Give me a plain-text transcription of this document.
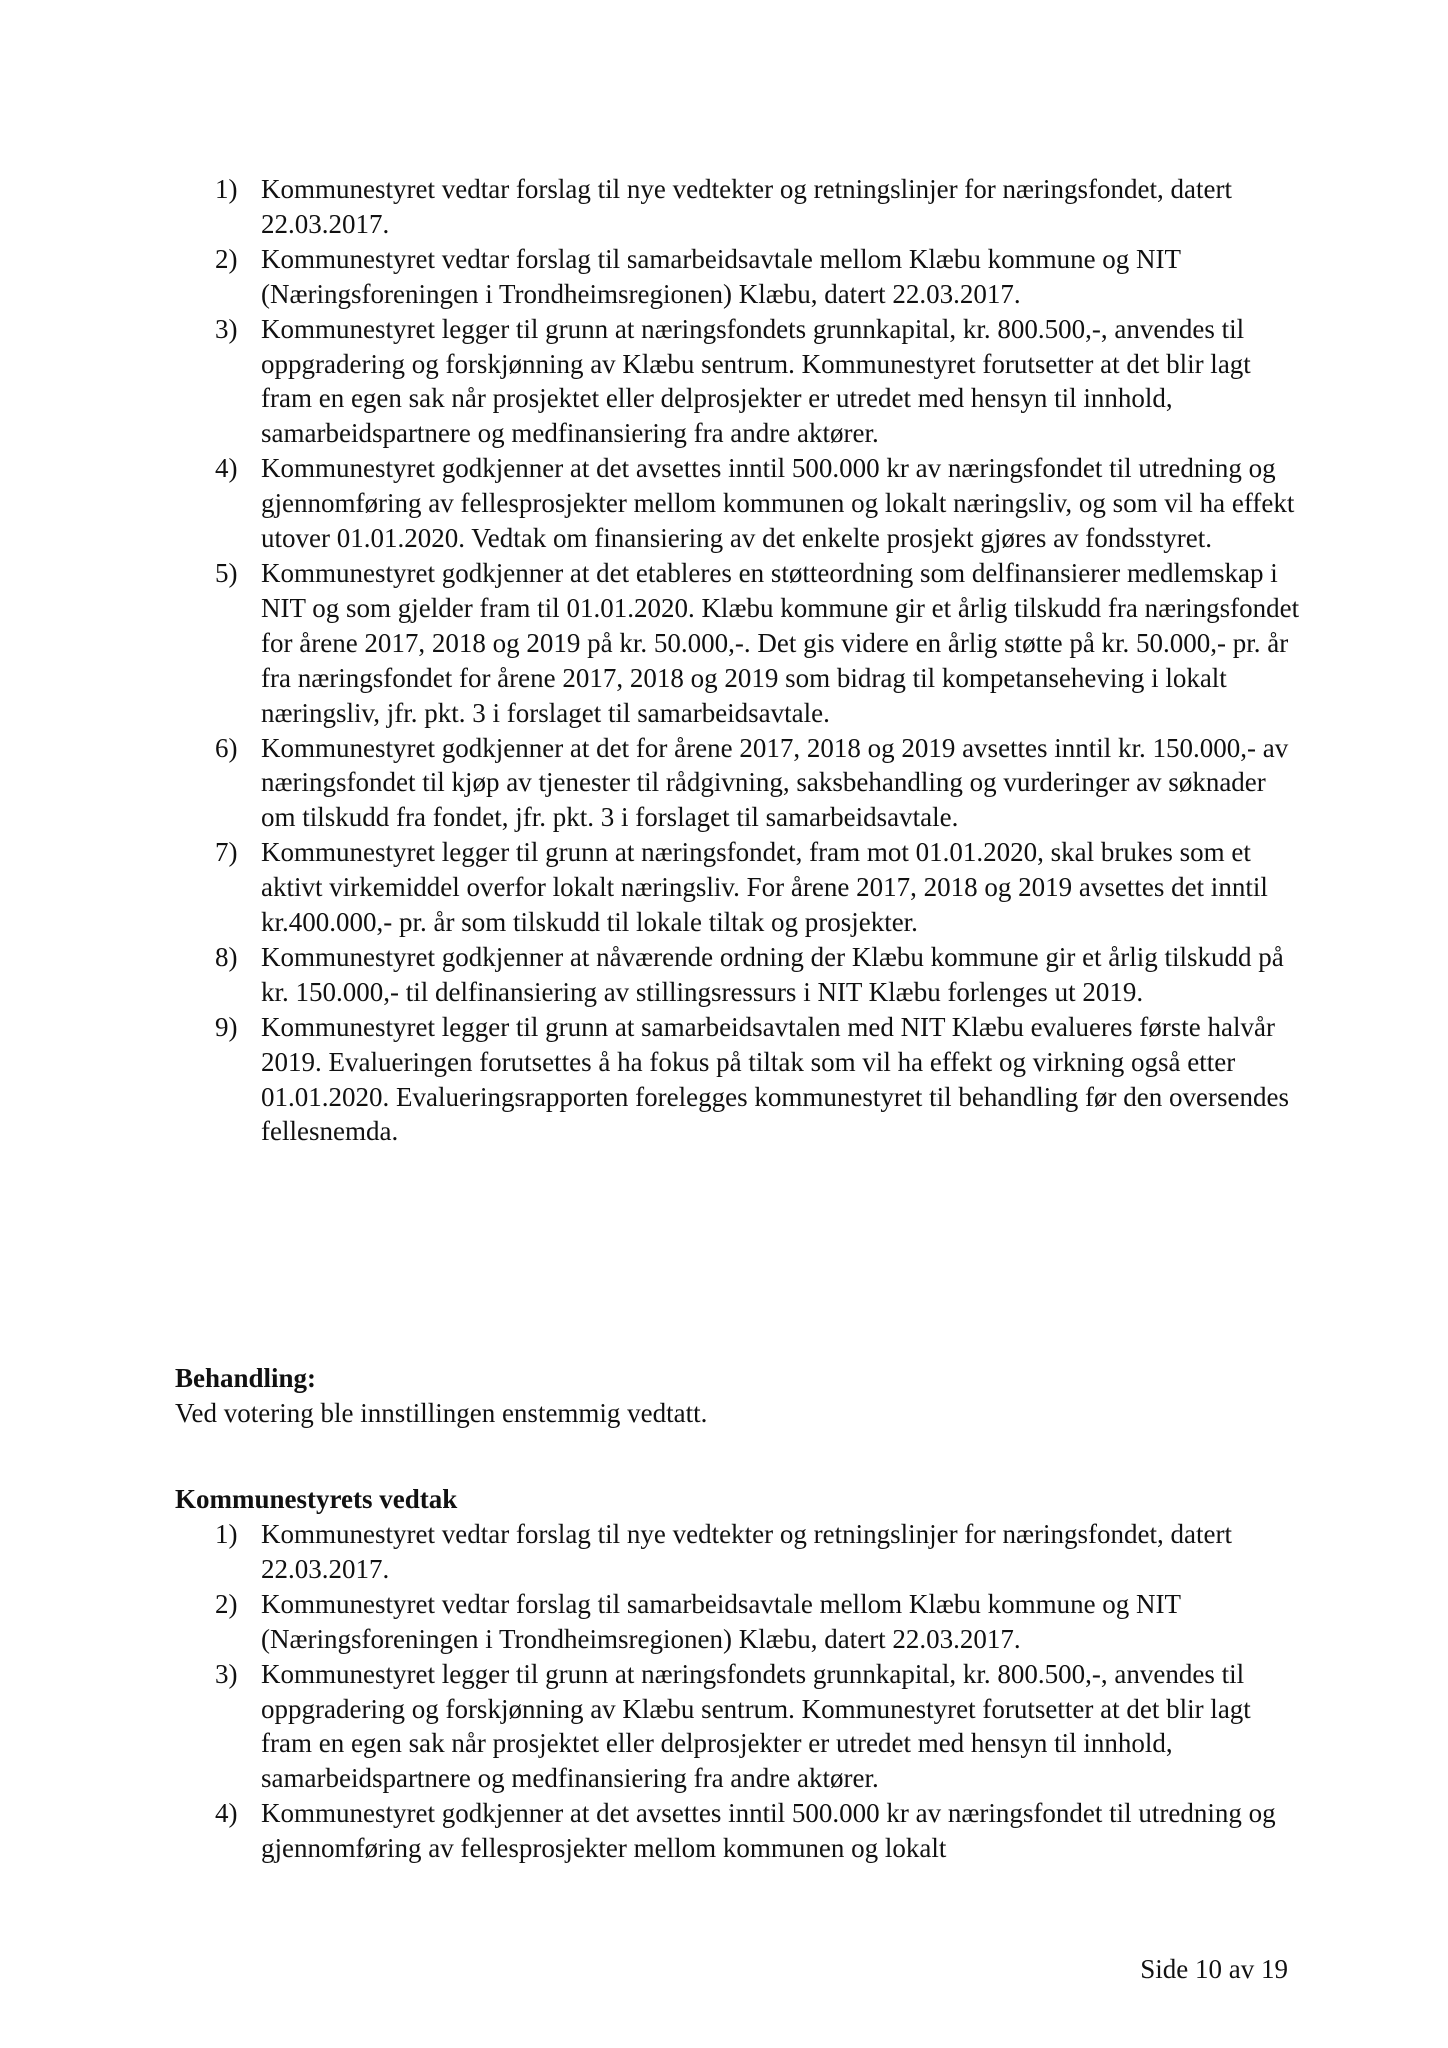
1) Kommunestyret vedtar forslag til nye vedtekter og retningslinjer for næringsfondet, datert 22.03.2017.
2) Kommunestyret vedtar forslag til samarbeidsavtale mellom Klæbu kommune og NIT (Næringsforeningen i Trondheimsregionen) Klæbu, datert 22.03.2017.
3) Kommunestyret legger til grunn at næringsfondets grunnkapital, kr. 800.500,-, anvendes til oppgradering og forskjønning av Klæbu sentrum. Kommunestyret forutsetter at det blir lagt fram en egen sak når prosjektet eller delprosjekter er utredet med hensyn til innhold, samarbeidspartnere og medfinansiering fra andre aktører.
4) Kommunestyret godkjenner at det avsettes inntil 500.000 kr av næringsfondet til utredning og gjennomføring av fellesprosjekter mellom kommunen og lokalt næringsliv, og som vil ha effekt utover 01.01.2020. Vedtak om finansiering av det enkelte prosjekt gjøres av fondsstyret.
5) Kommunestyret godkjenner at det etableres en støtteordning som delfinansierer medlemskap i NIT og som gjelder fram til 01.01.2020. Klæbu kommune gir et årlig tilskudd fra næringsfondet for årene 2017, 2018 og 2019 på kr. 50.000,-. Det gis videre en årlig støtte på kr. 50.000,- pr. år fra næringsfondet for årene 2017, 2018 og 2019 som bidrag til kompetanseheving i lokalt næringsliv, jfr. pkt. 3 i forslaget til samarbeidsavtale.
6) Kommunestyret godkjenner at det for årene 2017, 2018 og 2019 avsettes inntil kr. 150.000,- av næringsfondet til kjøp av tjenester til rådgivning, saksbehandling og vurderinger av søknader om tilskudd fra fondet, jfr. pkt. 3 i forslaget til samarbeidsavtale.
7) Kommunestyret legger til grunn at næringsfondet, fram mot 01.01.2020, skal brukes som et aktivt virkemiddel overfor lokalt næringsliv. For årene 2017, 2018 og 2019 avsettes det inntil kr.400.000,- pr. år som tilskudd til lokale tiltak og prosjekter.
8) Kommunestyret godkjenner at nåværende ordning der Klæbu kommune gir et årlig tilskudd på kr. 150.000,- til delfinansiering av stillingsressurs i NIT Klæbu forlenges ut 2019.
9) Kommunestyret legger til grunn at samarbeidsavtalen med NIT Klæbu evalueres første halvår 2019. Evalueringen forutsettes å ha fokus på tiltak som vil ha effekt og virkning også etter 01.01.2020. Evalueringsrapporten forelegges kommunestyret til behandling før den oversendes fellesnemda.
Behandling:

Ved votering ble innstillingen enstemmig vedtatt.

Kommunestyrets vedtak
1) Kommunestyret vedtar forslag til nye vedtekter og retningslinjer for næringsfondet, datert 22.03.2017.
2) Kommunestyret vedtar forslag til samarbeidsavtale mellom Klæbu kommune og NIT (Næringsforeningen i Trondheimsregionen) Klæbu, datert 22.03.2017.
3) Kommunestyret legger til grunn at næringsfondets grunnkapital, kr. 800.500,-, anvendes til oppgradering og forskjønning av Klæbu sentrum. Kommunestyret forutsetter at det blir lagt fram en egen sak når prosjektet eller delprosjekter er utredet med hensyn til innhold, samarbeidspartnere og medfinansiering fra andre aktører.
4) Kommunestyret godkjenner at det avsettes inntil 500.000 kr av næringsfondet til utredning og gjennomføring av fellesprosjekter mellom kommunen og lokalt
Side 10 av 19
